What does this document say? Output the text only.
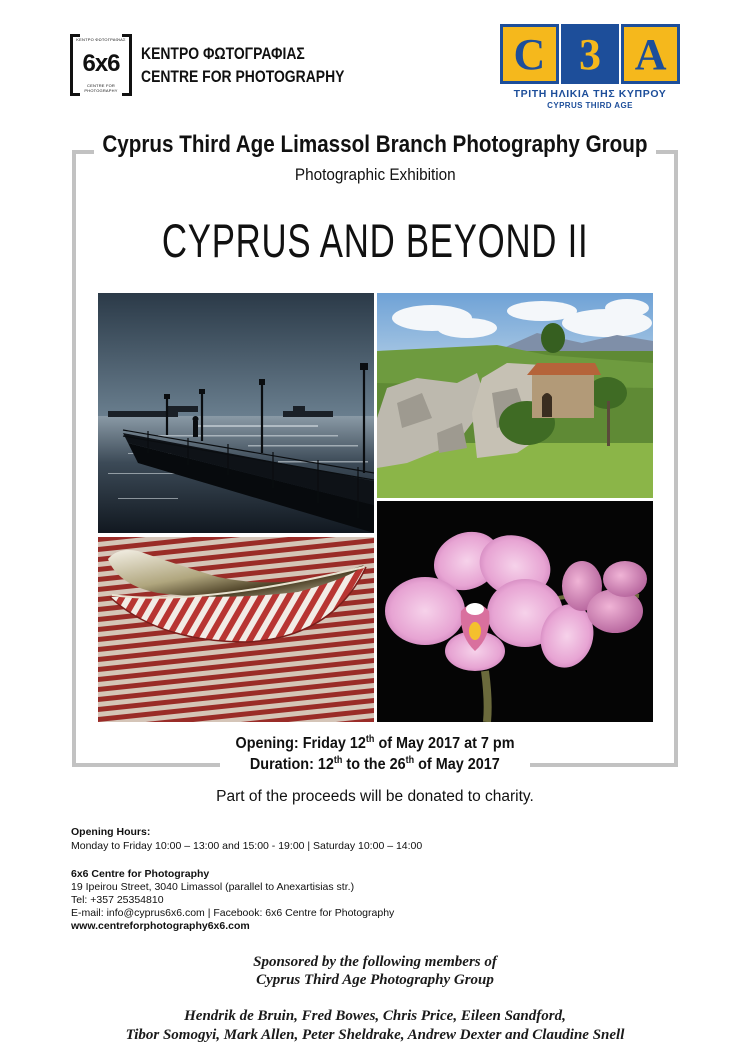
ΚΕΝΤΡΟ ΦΩΤΟΓΡΑΦΙΑΣ
6x6
CENTRE FOR PHOTOGRAPHY
ΚΕΝΤΡΟ ΦΩΤΟΓΡΑΦΙΑΣ
CENTRE FOR PHOTOGRAPHY	C 3 A
ΤΡΙΤΗ ΗΛΙΚΙΑ ΤΗΣ ΚΥΠΡΟΥ
CYPRUS THIRD AGE
Cyprus Third Age Limassol Branch Photography Group
Photographic Exhibition
CYPRUS AND BEYOND II
Opening: Friday 12th of May 2017 at 7 pm
Duration: 12th to the 26th of May 2017
Part of the proceeds will be donated to charity.
Opening Hours:
Monday to Friday 10:00 – 13:00 and 15:00 - 19:00 | Saturday 10:00 – 14:00
6x6 Centre for Photography
19 Ipeirou Street, 3040 Limassol (parallel to Anexartisias str.)
Tel: +357 25354810
E-mail: info@cyprus6x6.com | Facebook: 6x6 Centre for Photography
www.centreforphotography6x6.com
Sponsored by the following members of
Cyprus Third Age Photography Group
Hendrik de Bruin, Fred Bowes, Chris Price, Eileen Sandford,
Tibor Somogyi, Mark Allen, Peter Sheldrake, Andrew Dexter and Claudine Snell
